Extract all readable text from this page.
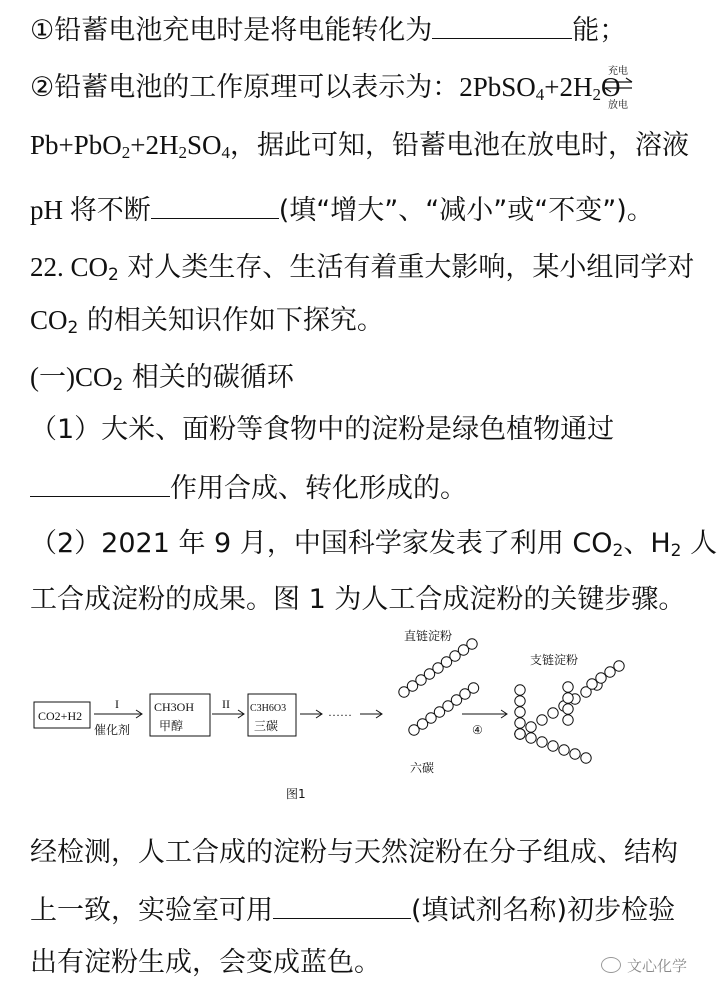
①铅蓄电池充电时是将电能转化为	能；
②铅蓄电池的工作原理可以表示为：$2PbSO_4+2H_2O$
充电
放电
$Pb+PbO_2+2H_2SO_4$，据此可知，铅蓄电池在放电时，溶液
pH 将不断	(填“增大”、“减小”或“不变”)。
22. $CO_2$ 对人类生存、生活有着重大影响，某小组同学对
$CO_2$ 的相关知识作如下探究。
(一)$CO_2$ 相关的碳循环
（1）大米、面粉等食物中的淀粉是绿色植物通过
作用合成、转化形成的。
（2）2021 年 9 月，中国科学家发表了利用 $CO_2$、$H_2$ 人
工合成淀粉的成果。图 1 为人工合成淀粉的关键步骤。
CO2+H2
I
催化剂
CH3OH
甲醇
II C3H6O3
三碳
……
直链淀粉
六碳
④
支链淀粉
图1
经检测，人工合成的淀粉与天然淀粉在分子组成、结构
上一致，实验室可用	(填试剂名称)初步检验
出有淀粉生成，会变成蓝色。	文心化学
